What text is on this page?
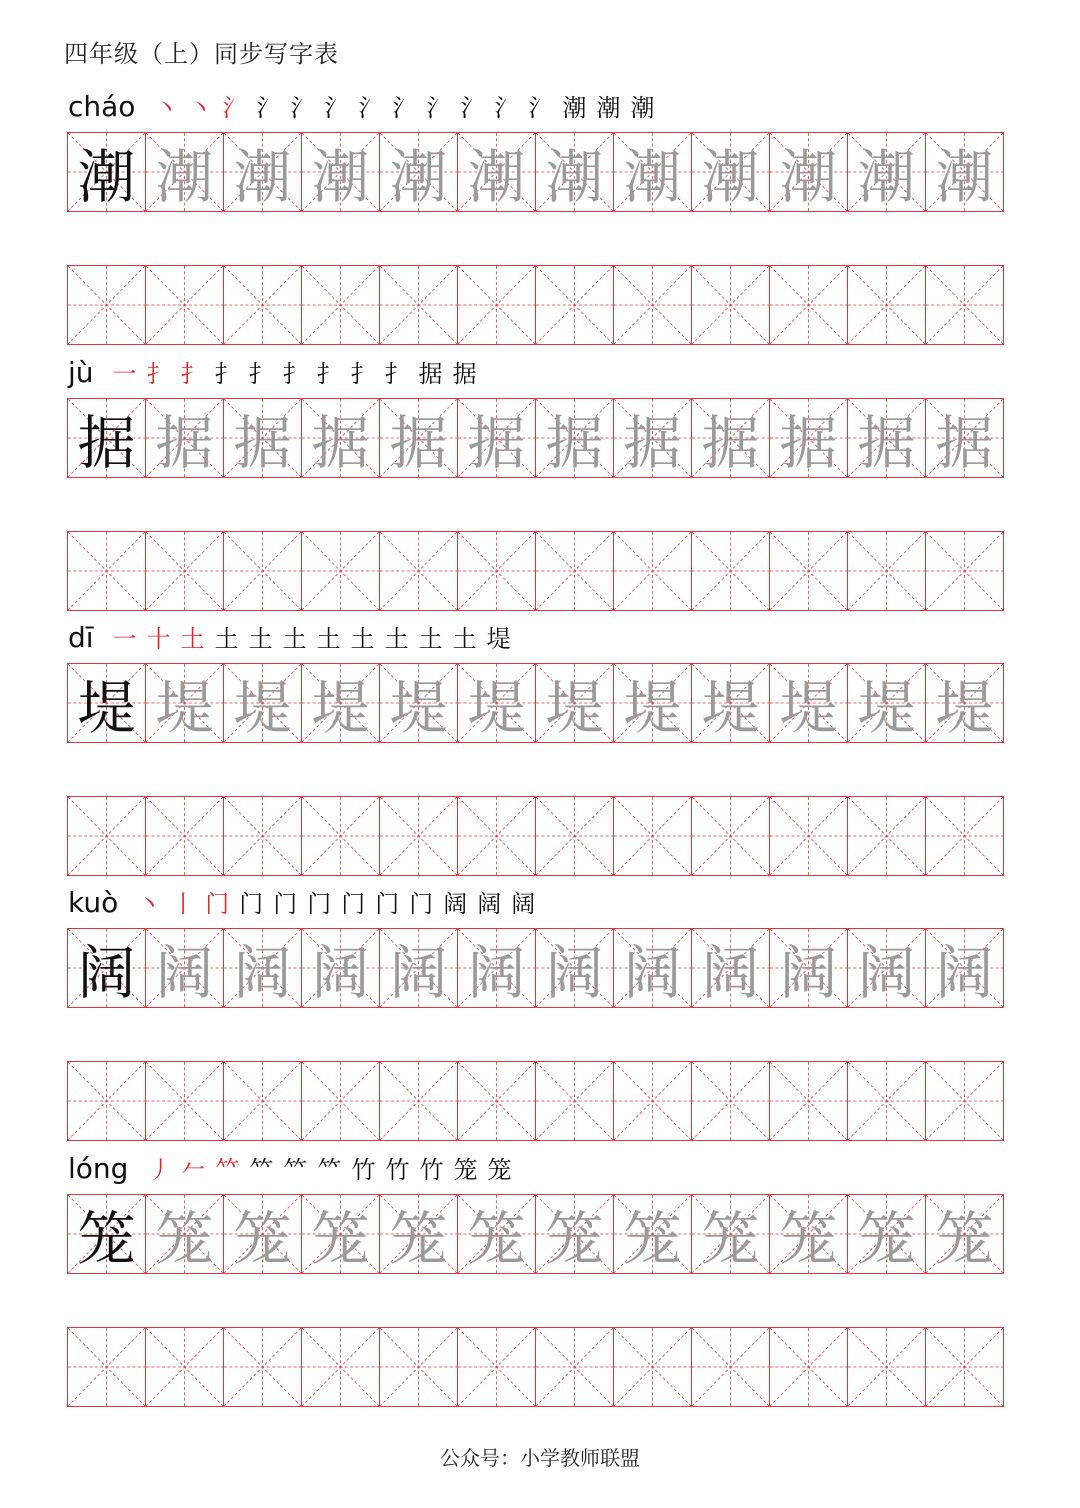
四年级（上）同步写字表
cháo 丶 丶 氵 氵 氵 氵 氵 氵 氵 氵 氵 氵 潮 潮 潮
潮 潮 潮 潮 潮 潮 潮 潮 潮 潮 潮 潮
jù 一 扌 扌 扌 扌 扌 扌 扌 扌 据 据
据 据 据 据 据 据 据 据 据 据 据 据
dī 一 十 土 土 土 土 土 土 土 土 土 堤
堤 堤 堤 堤 堤 堤 堤 堤 堤 堤 堤 堤
kuò 丶 丨 门 门 门 门 门 门 门 阔 阔 阔
阔 阔 阔 阔 阔 阔 阔 阔 阔 阔 阔 阔
lóng 丿 𠂉 𥫗 𥫗 𥫗 𥫗 竹 竹 竹 笼 笼
笼 笼 笼 笼 笼 笼 笼 笼 笼 笼 笼 笼
公众号：小学教师联盟
